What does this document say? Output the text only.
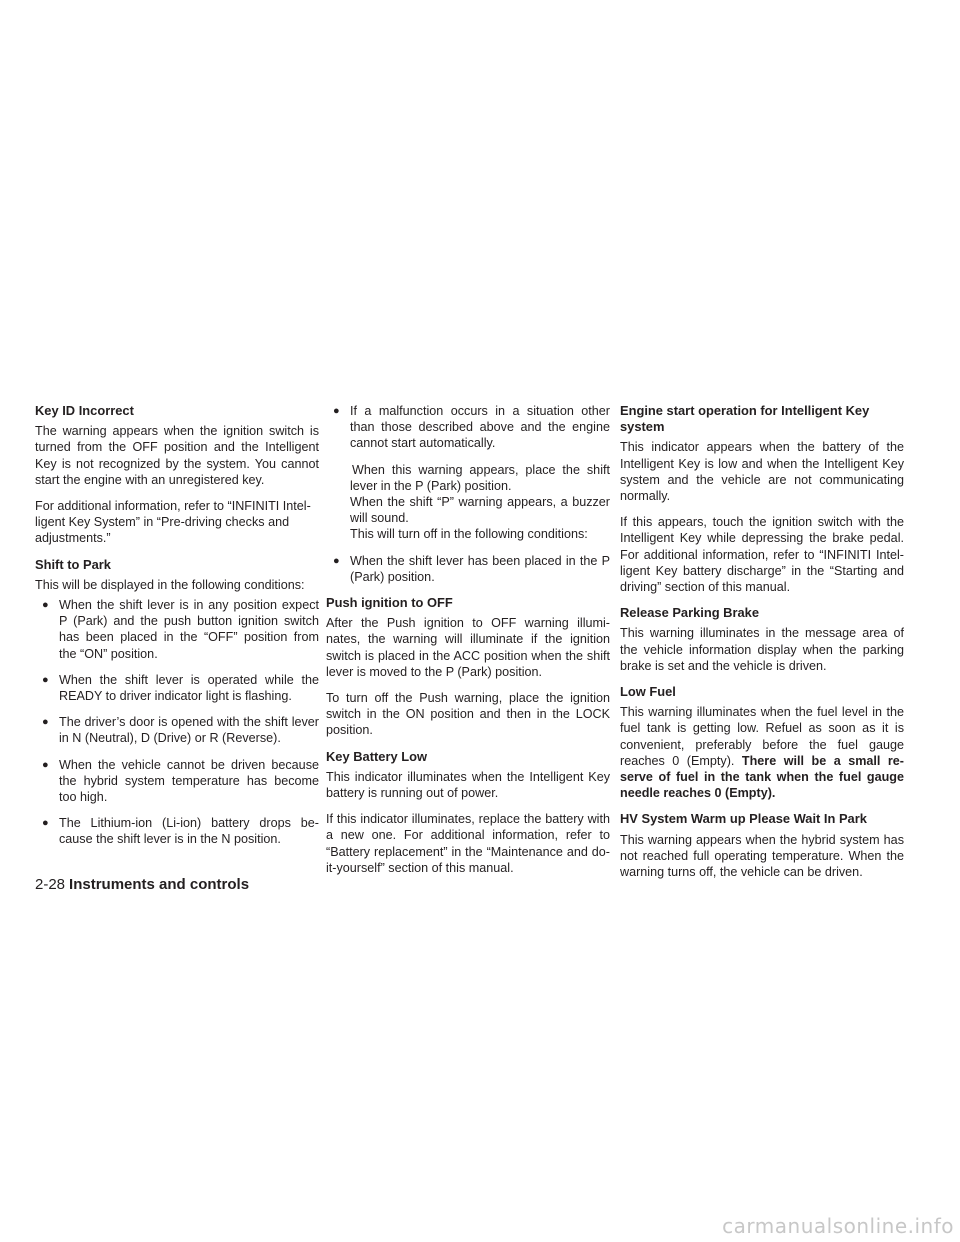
Key ID Incorrect

The warning appears when the ignition switch is turned from the OFF position and the Intelligent Key is not recognized by the system. You cannot start the engine with an unregistered key.

For additional information, refer to “INFINITI Intel-ligent Key System” in “Pre-driving checks and adjustments.”

Shift to Park

This will be displayed in the following conditions:

● When the shift lever is in any position expect P (Park) and the push button ignition switch has been placed in the “OFF” position from the “ON” position.
● When the shift lever is operated while the READY to driver indicator light is flashing.
● The driver’s door is opened with the shift lever in N (Neutral), D (Drive) or R (Reverse).
● When the vehicle cannot be driven because the hybrid system temperature has become too high.
● The Lithium-ion (Li-ion) battery drops be-cause the shift lever is in the N position.
● If a malfunction occurs in a situation other than those described above and the engine cannot start automatically.

When this warning appears, place the shift lever in the P (Park) position.

When the shift “P” warning appears, a buzzer will sound.

This will turn off in the following conditions:

● When the shift lever has been placed in the P (Park) position.
Push ignition to OFF

After the Push ignition to OFF warning illumi-nates, the warning will illuminate if the ignition switch is placed in the ACC position when the shift lever is moved to the P (Park) position.

To turn off the Push warning, place the ignition switch in the ON position and then in the LOCK position.

Key Battery Low

This indicator illuminates when the Intelligent Key battery is running out of power.

If this indicator illuminates, replace the battery with a new one. For additional information, refer to “Battery replacement” in the “Maintenance and do-it-yourself” section of this manual.

Engine start operation for Intelligent Key system

This indicator appears when the battery of the Intelligent Key is low and when the Intelligent Key system and the vehicle are not communicating normally.

If this appears, touch the ignition switch with the Intelligent Key while depressing the brake pedal. For additional information, refer to “INFINITI Intel-ligent Key battery discharge” in the “Starting and driving” section of this manual.

Release Parking Brake

This warning illuminates in the message area of the vehicle information display when the parking brake is set and the vehicle is driven.

Low Fuel

This warning illuminates when the fuel level in the fuel tank is getting low. Refuel as soon as it is convenient, preferably before the fuel gauge reaches 0 (Empty). There will be a small re-serve of fuel in the tank when the fuel gauge needle reaches 0 (Empty).

HV System Warm up Please Wait In Park

This warning appears when the hybrid system has not reached full operating temperature. When the warning turns off, the vehicle can be driven.

2-28 Instruments and controls
carmanualsonline.info
